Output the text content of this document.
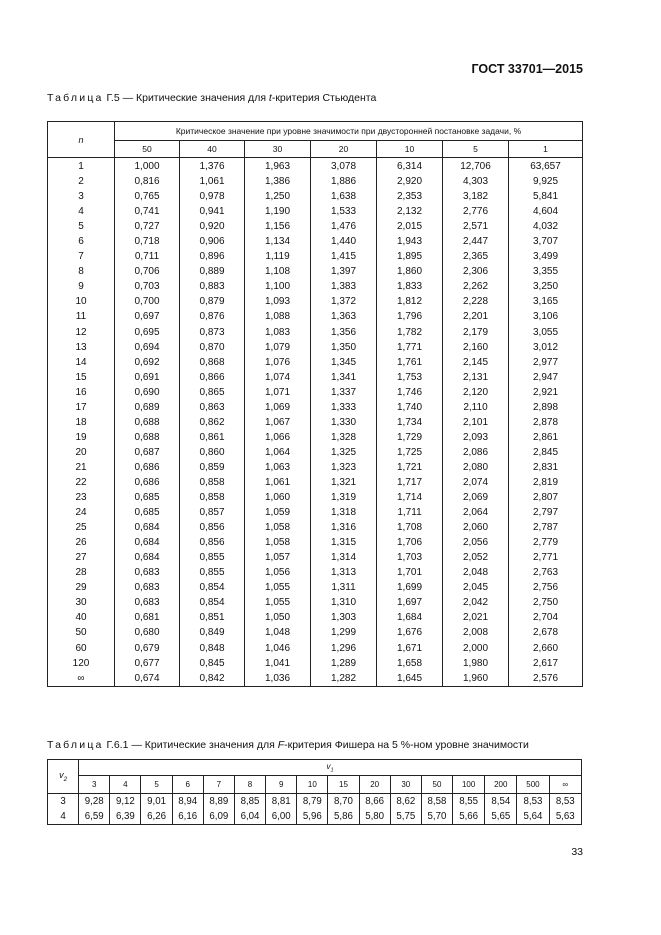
ГОСТ 33701—2015
Таблица Г.5 — Критические значения для t-критерия Стьюдента
n	Критическое значение при уровне значимости при двусторонней постановке задачи, %						
	50	40	30	20	10	5	1
1	1,000	1,376	1,963	3,078	6,314	12,706	63,657
2	0,816	1,061	1,386	1,886	2,920	4,303	9,925
3	0,765	0,978	1,250	1,638	2,353	3,182	5,841
4	0,741	0,941	1,190	1,533	2,132	2,776	4,604
5	0,727	0,920	1,156	1,476	2,015	2,571	4,032
6	0,718	0,906	1,134	1,440	1,943	2,447	3,707
7	0,711	0,896	1,119	1,415	1,895	2,365	3,499
8	0,706	0,889	1,108	1,397	1,860	2,306	3,355
9	0,703	0,883	1,100	1,383	1,833	2,262	3,250
10	0,700	0,879	1,093	1,372	1,812	2,228	3,165
11	0,697	0,876	1,088	1,363	1,796	2,201	3,106
12	0,695	0,873	1,083	1,356	1,782	2,179	3,055
13	0,694	0,870	1,079	1,350	1,771	2,160	3,012
14	0,692	0,868	1,076	1,345	1,761	2,145	2,977
15	0,691	0,866	1,074	1,341	1,753	2,131	2,947
16	0,690	0,865	1,071	1,337	1,746	2,120	2,921
17	0,689	0,863	1,069	1,333	1,740	2,110	2,898
18	0,688	0,862	1,067	1,330	1,734	2,101	2,878
19	0,688	0,861	1,066	1,328	1,729	2,093	2,861
20	0,687	0,860	1,064	1,325	1,725	2,086	2,845
21	0,686	0,859	1,063	1,323	1,721	2,080	2,831
22	0,686	0,858	1,061	1,321	1,717	2,074	2,819
23	0,685	0,858	1,060	1,319	1,714	2,069	2,807
24	0,685	0,857	1,059	1,318	1,711	2,064	2,797
25	0,684	0,856	1,058	1,316	1,708	2,060	2,787
26	0,684	0,856	1,058	1,315	1,706	2,056	2,779
27	0,684	0,855	1,057	1,314	1,703	2,052	2,771
28	0,683	0,855	1,056	1,313	1,701	2,048	2,763
29	0,683	0,854	1,055	1,311	1,699	2,045	2,756
30	0,683	0,854	1,055	1,310	1,697	2,042	2,750
40	0,681	0,851	1,050	1,303	1,684	2,021	2,704
50	0,680	0,849	1,048	1,299	1,676	2,008	2,678
60	0,679	0,848	1,046	1,296	1,671	2,000	2,660
120	0,677	0,845	1,041	1,289	1,658	1,980	2,617
∞	0,674	0,842	1,036	1,282	1,645	1,960	2,576
Таблица Г.6.1 — Критические значения для F-критерия Фишера на 5 %-ном уровне значимости
$v_2$	$v_1$
	3	4	5	6	7	8	9	10	15	20	30	50	100	200	500	∞
3	9,28	9,12	9,01	8,94	8,89	8,85	8,81	8,79	8,70	8,66	8,62	8,58	8,55	8,54	8,53	8,53
4	6,59	6,39	6,26	6,16	6,09	6,04	6,00	5,96	5,86	5,80	5,75	5,70	5,66	5,65	5,64	5,63
33
